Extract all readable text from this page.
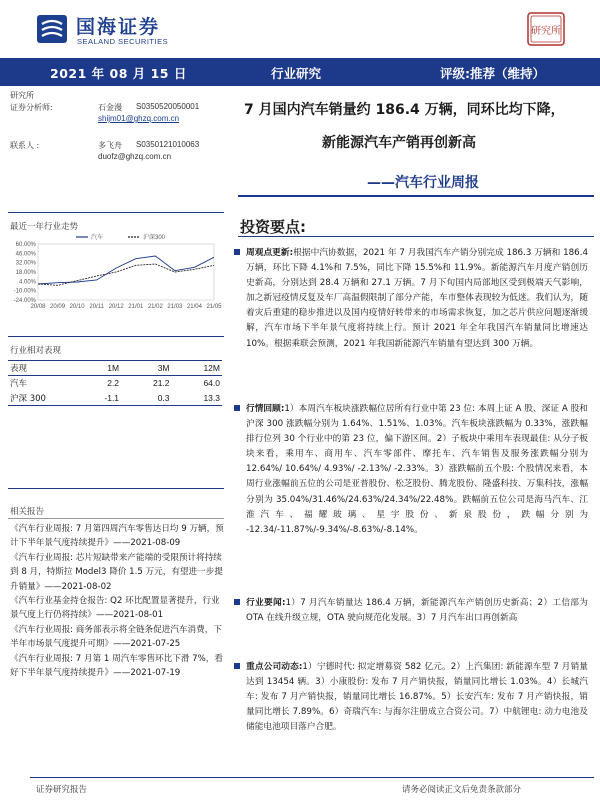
国海证券
SEALAND SECURITIES
研究所
2021 年 08 月 15 日	行业研究	评级:推荐（维持）
研究所
证券分析师:	石金漫 S0350520050001
shijm01@ghzq.com.cn
联系人 :	多飞舟 S0350121010063
duofz@ghzq.com.cn
最近一年行业走势
60.00%
46.00%
32.00%
18.00%
4.00%
-10.00%
-24.00%
20/08 20/09 20/10 20/11 20/12 21/01 21/02 21/03 21/04 21/05
汽车	沪深300
行业相对表现
表现	1M	3M	12M
汽车	2.2	21.2	64.0
沪深 300	-1.1	0.3	13.3
相关报告
《汽车行业周报: 7 月第四周汽车零售达日均 9 万辆，预计下半年景气度持续提升》——2021-08-09
《汽车行业周报: 芯片短缺带来产能端的受限预计将持续到 8 月，特斯拉 Model3 降价 1.5 万元，有望进一步提升销量》——2021-08-02
《汽车行业基金持仓报告: Q2 环比配置显著提升，行业景气度上行仍将持续》——2021-08-01
《汽车行业周报: 商务部表示将全链条促进汽车消费，下半年市场景气度提升可期》——2021-07-25
《汽车行业周报: 7 月第 1 周汽车零售环比下滑 7%，看好下半年景气度持续提升》——2021-07-19
7 月国内汽车销量约 186.4 万辆，同环比均下降，
新能源汽车产销再创新高
——汽车行业周报
投资要点:
周观点更新:根据中汽协数据，2021 年 7 月我国汽车产销分别完成 186.3 万辆和 186.4 万辆，环比下降 4.1%和 7.5%，同比下降 15.5%和 11.9%。新能源汽车月度产销创历史新高，分别达到 28.4 万辆和 27.1 万辆。7 月下旬国内局部地区受到极端天气影响，加之新冠疫情反复及车厂高温假限制了部分产能，车市整体表现较为低迷。我们认为，随着灾后重建的稳步推进以及国内疫情好转带来的市场需求恢复，加之芯片供应问题逐渐缓解，汽车市场下半年景气度将持续上行。预计 2021 年全年我国汽车销量同比增速达 10%。根据乘联会预测，2021 年我国新能源汽车销量有望达到 300 万辆。
行情回顾:1）本周汽车板块涨跌幅位居所有行业中第 23 位: 本周上证 A 股、深证 A 股和沪深 300 涨跌幅分别为 1.64%、1.51%、1.03%。汽车板块涨跌幅为 0.33%，涨跌幅排行位列 30 个行业中的第 23 位，偏下游区间。2）子板块中乘用车表现最佳: 从分子板块来看，乘用车、商用车、汽车零部件、摩托车、汽车销售及服务涨跌幅分别为 12.64%/ 10.64%/ 4.93%/ -2.13%/ -2.33%。3）涨跌幅前五个股: 个股情况来看，本周行业涨幅前五位的公司是亚普股份、松芝股份、腾龙股份、隆盛科技、万集科技，涨幅分别为 35.04%/31.46%/24.63%/24.34%/22.48%。跌幅前五位公司是海马汽车、江淮汽车、福耀玻璃、星宇股份、新泉股份，跌幅分别为 -12.34/-11.87%/-9.34%/-8.63%/-8.14%。
行业要闻:1）7 月汽车销量达 186.4 万辆，新能源汽车产销创历史新高；2）工信部为 OTA 在线升级立规，OTA 驶向规范化发展。3）7 月汽车出口再创新高
重点公司动态:1）宁德时代: 拟定增募资 582 亿元。2）上汽集团: 新能源车型 7 月销量达到 13454 辆。3）小康股份: 发布 7 月产销快报，销量同比增长 1.03%。4）长城汽车: 发布 7 月产销快报，销量同比增长 16.87%。5）长安汽车: 发布 7 月产销快报，销量同比增长 7.89%。6）奇瑞汽车: 与海尔注册成立合资公司。7）中航锂电: 动力电池及储能电池项目落户合肥。
证券研究报告	请务必阅读正文后免责条款部分
